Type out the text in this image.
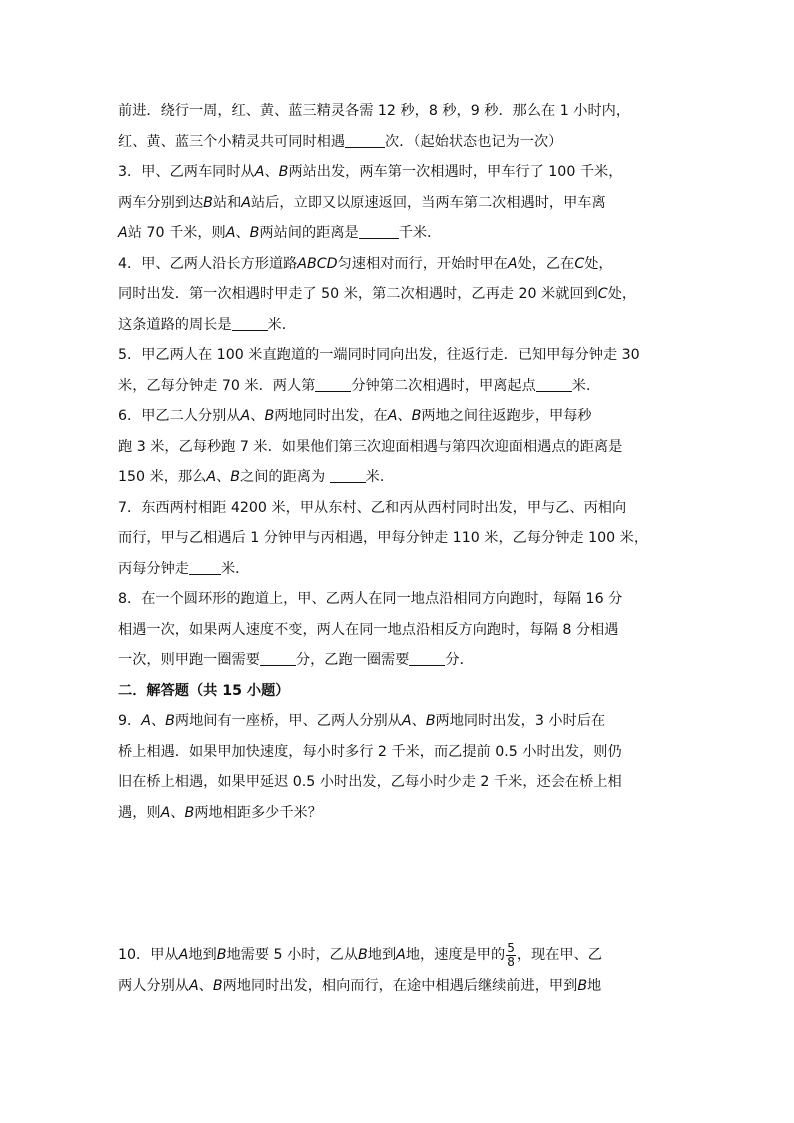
前进．绕行一周，红、黄、蓝三精灵各需 12 秒，8 秒，9 秒．那么在 1 小时内，
红、黄、蓝三个小精灵共可同时相遇	次．（起始状态也记为一次）
3．甲、乙两车同时从A、B两站出发，两车第一次相遇时，甲车行了 100 千米，
两车分别到达B站和A站后，立即又以原速返回，当两车第二次相遇时，甲车离
A站 70 千米，则A、B两站间的距离是	千米．
4．甲、乙两人沿长方形道路ABCD匀速相对而行，开始时甲在A处，乙在C处，
同时出发．第一次相遇时甲走了 50 米，第二次相遇时，乙再走 20 米就回到C处，
这条道路的周长是	米．
5．甲乙两人在 100 米直跑道的一端同时同向出发，往返行走．已知甲每分钟走 30
米，乙每分钟走 70 米．两人第	分钟第二次相遇时，甲离起点	米．
6．甲乙二人分别从A、B两地同时出发，在A、B两地之间往返跑步，甲每秒
跑 3 米，乙每秒跑 7 米．如果他们第三次迎面相遇与第四次迎面相遇点的距离是
150 米，那么A、B之间的距离为	米．
7．东西两村相距 4200 米，甲从东村、乙和丙从西村同时出发，甲与乙、丙相向
而行，甲与乙相遇后 1 分钟甲与丙相遇，甲每分钟走 110 米，乙每分钟走 100 米，
丙每分钟走 米．
8．在一个圆环形的跑道上，甲、乙两人在同一地点沿相同方向跑时，每隔 16 分
相遇一次，如果两人速度不变，两人在同一地点沿相反方向跑时，每隔 8 分相遇
一次，则甲跑一圈需要	分，乙跑一圈需要	分．
二．解答题（共 15 小题）
9．A、B两地间有一座桥，甲、乙两人分别从A、B两地同时出发，3 小时后在
桥上相遇．如果甲加快速度，每小时多行 2 千米，而乙提前 0.5 小时出发，则仍
旧在桥上相遇，如果甲延迟 0.5 小时出发，乙每小时少走 2 千米，还会在桥上相
遇，则A、B两地相距多少千米？
10．甲从A地到B地需要 5 小时，乙从B地到A地，速度是甲的 $\frac{5}{8}$ ，现在甲、乙
两人分别从A、B两地同时出发，相向而行，在途中相遇后继续前进，甲到B地
